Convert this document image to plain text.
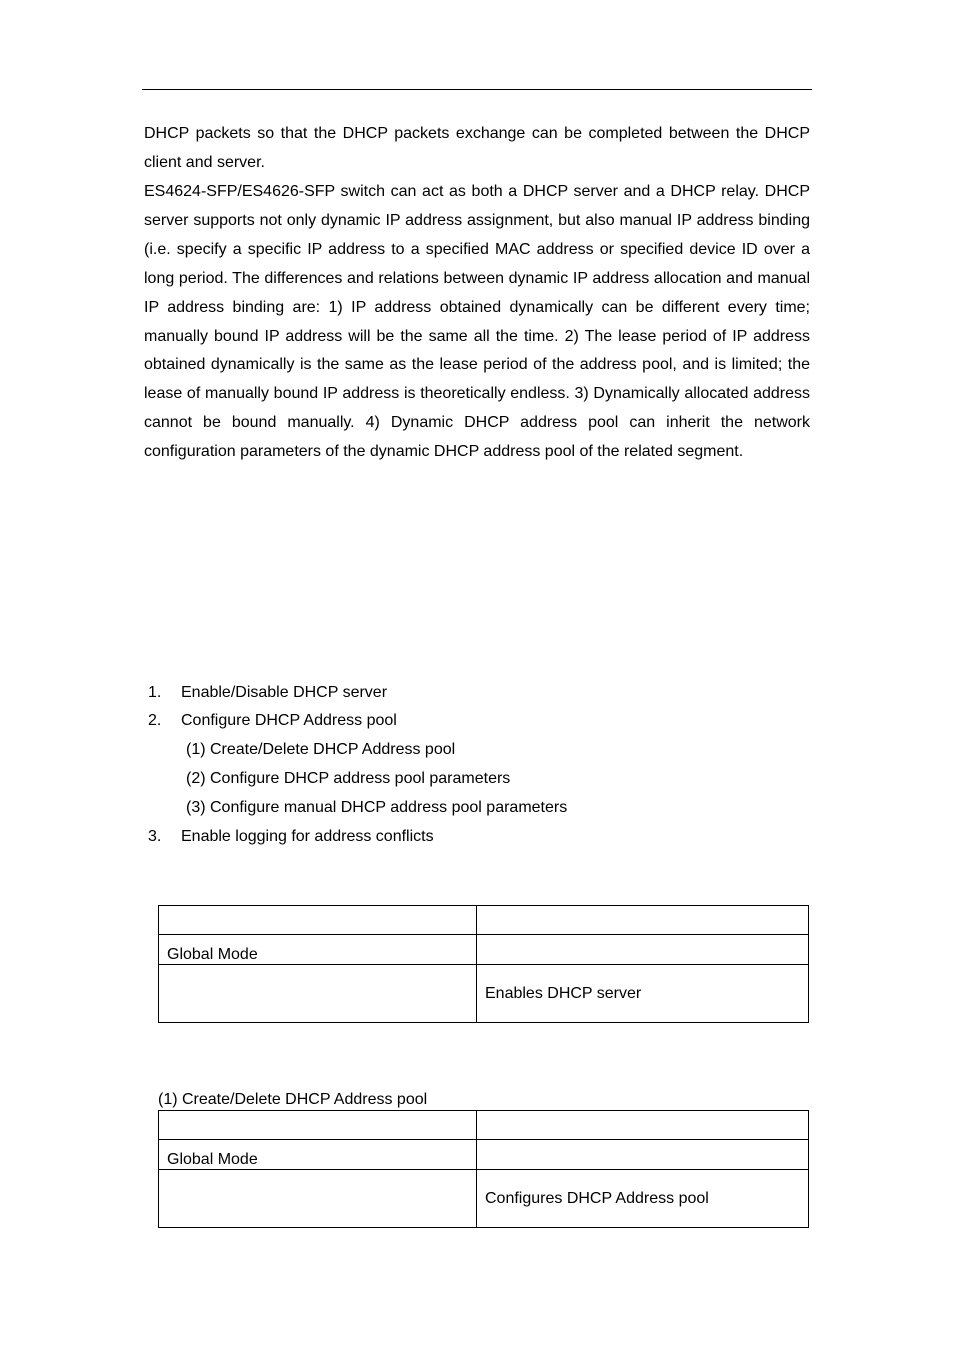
DHCP packets so that the DHCP packets exchange can be completed between the DHCP client and server.

ES4624-SFP/ES4626-SFP switch can act as both a DHCP server and a DHCP relay. DHCP server supports not only dynamic IP address assignment, but also manual IP address binding (i.e. specify a specific IP address to a specified MAC address or specified device ID over a long period. The differences and relations between dynamic IP address allocation and manual IP address binding are: 1) IP address obtained dynamically can be different every time; manually bound IP address will be the same all the time. 2) The lease period of IP address obtained dynamically is the same as the lease period of the address pool, and is limited; the lease of manually bound IP address is theoretically endless. 3) Dynamically allocated address cannot be bound manually. 4) Dynamic DHCP address pool can inherit the network configuration parameters of the dynamic DHCP address pool of the related segment.

1. Enable/Disable DHCP server
2. Configure DHCP Address pool
(1) Create/Delete DHCP Address pool
(2) Configure DHCP address pool parameters
(3) Configure manual DHCP address pool parameters
3. Enable logging for address conflicts

Global Mode	
	Enables DHCP server
(1) Create/Delete DHCP Address pool

Global Mode	
	Configures DHCP Address pool
